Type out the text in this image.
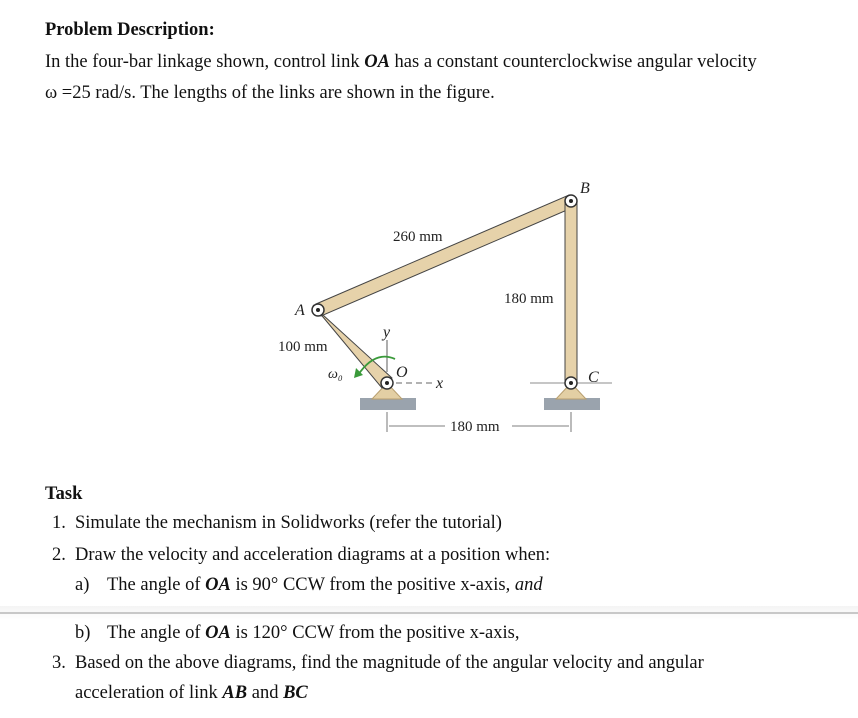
Problem Description:
In the four-bar linkage shown, control link OA has a constant counterclockwise angular velocity
ω =25 rad/s. The lengths of the links are shown in the figure.
260 mm
180 mm
100 mm
180 mm
A
B
C
O
y
x
ω₀
Task
1. Simulate the mechanism in Solidworks (refer the tutorial)
2. Draw the velocity and acceleration diagrams at a position when:
a) The angle of OA is 90° CCW from the positive x-axis, and
b) The angle of OA is 120° CCW from the positive x-axis,
3. Based on the above diagrams, find the magnitude of the angular velocity and angular
acceleration of link AB and BC
